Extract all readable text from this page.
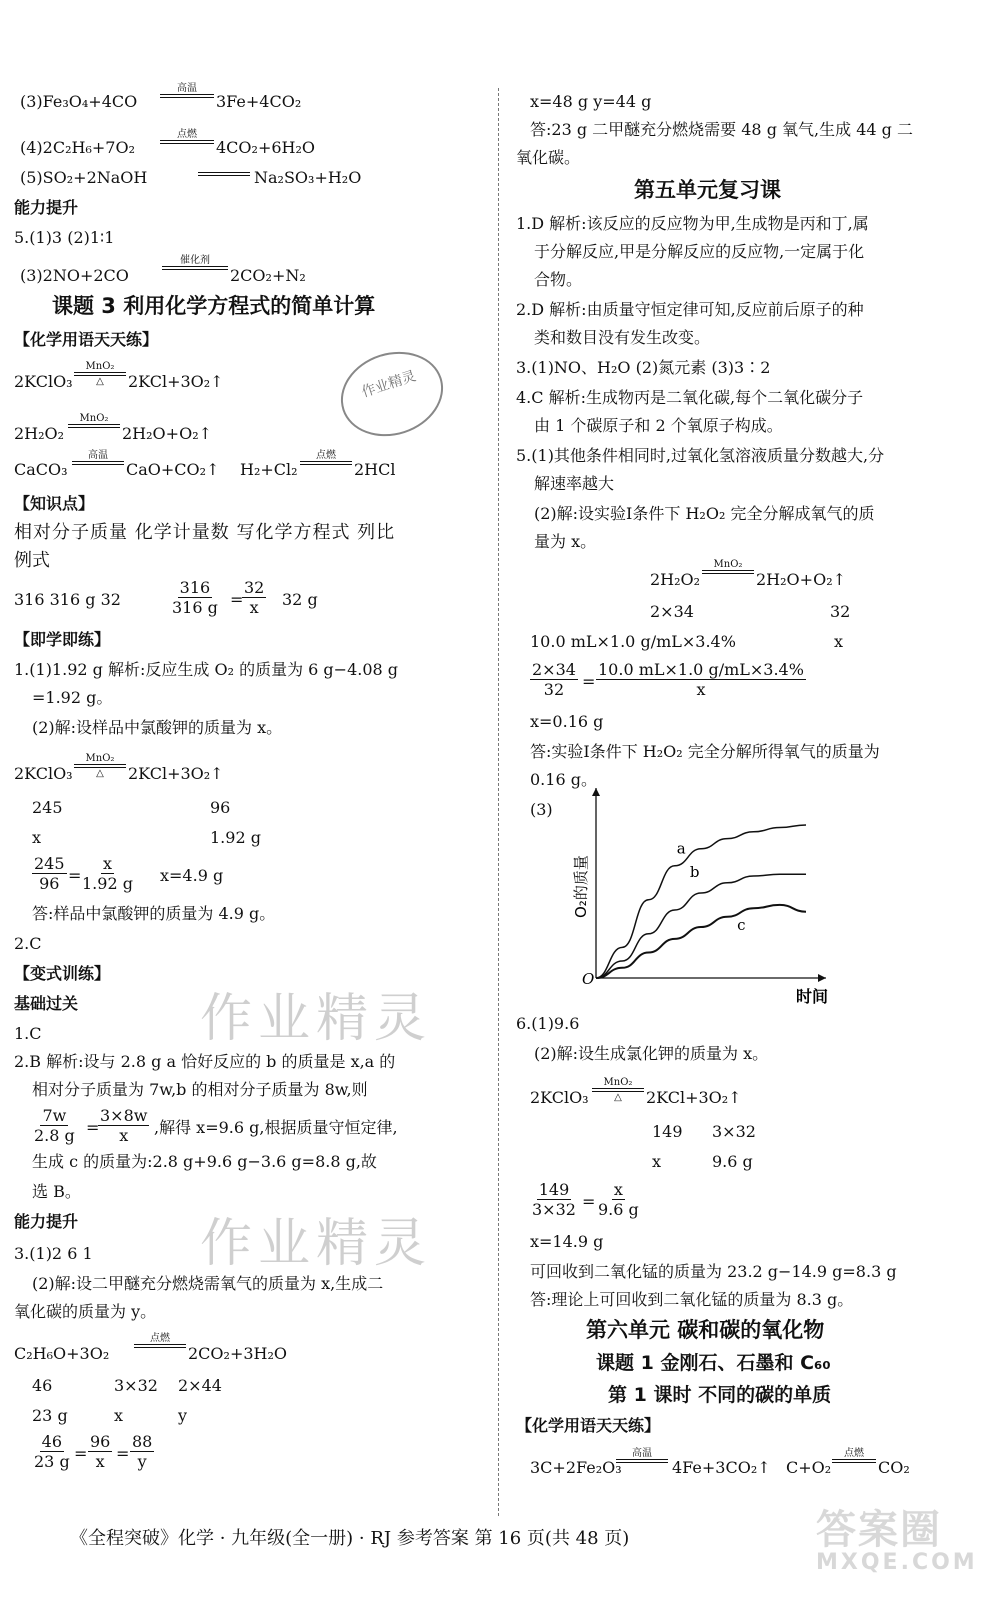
(3)Fe₃O₄+4CO
高温
3Fe+4CO₂
(4)2C₂H₆+7O₂
点燃
4CO₂+6H₂O
(5)SO₂+2NaOH	Na₂SO₃+H₂O
能力提升
5.(1)3 (2)1∶1
(3)2NO+2CO
催化剂
2CO₂+N₂
课题 3 利用化学方程式的简单计算
【化学用语天天练】
2KClO₃
MnO₂
△	2KCl+3O₂↑
2H₂O₂
MnO₂
2H₂O+O₂↑
作业精灵
CaCO₃
高温
CaO+CO₂↑ H₂+Cl₂
点燃
2HCl
【知识点】
相对分子质量 化学计量数 写化学方程式 列比
例式
316 316 g 32	$\frac{316}{316 g}$ =
$\frac{32}{x} 32$ g
【即学即练】
1.(1)1.92 g 解析:反应生成 O₂ 的质量为 6 g−4.08 g
=1.92 g。
(2)解:设样品中氯酸钾的质量为 x。
2KClO₃
MnO₂
△	2KCl+3O₂↑
245	96
x	1.92 g
$\frac{245}{96}$ =
$\frac{x}{1.92 g} x=4.9$ g
答:样品中氯酸钾的质量为 4.9 g。
2.C
【变式训练】
基础过关 作业精灵
1.C
2.B 解析:设与 2.8 g a 恰好反应的 b 的质量是 x,a 的
相对分子质量为 7w,b 的相对分子质量为 8w,则
$\frac{7w}{2.8 g}$ =
$\frac{3\times 8w}{x}$ ,解得 x=9.6 g,根据质量守恒定律,
生成 c 的质量为:2.8 g+9.6 g−3.6 g=8.8 g,故
选 B。
能力提升 作业精灵
3.(1)2 6 1
(2)解:设二甲醚充分燃烧需氧气的质量为 x,生成二
氧化碳的质量为 y。
C₂H₆O+3O₂
点燃
2CO₂+3H₂O
46	3×32 2×44
23 g	x	y
$\frac{46}{23 g} = \frac{96}{x} = \frac{88}{y}$
x=48 g y=44 g
答:23 g 二甲醚充分燃烧需要 48 g 氧气,生成 44 g 二
氧化碳。
第五单元复习课
1.D 解析:该反应的反应物为甲,生成物是丙和丁,属
于分解反应,甲是分解反应的反应物,一定属于化
合物。
2.D 解析:由质量守恒定律可知,反应前后原子的种
类和数目没有发生改变。
3.(1)NO、H₂O (2)氮元素 (3)3∶2
4.C 解析:生成物丙是二氧化碳,每个二氧化碳分子
由 1 个碳原子和 2 个氧原子构成。
5.(1)其他条件相同时,过氧化氢溶液质量分数越大,分
解速率越大
(2)解:设实验Ⅰ条件下 H₂O₂ 完全分解成氧气的质
量为 x。
2H₂O₂
MnO₂
2H₂O+O₂↑
2×34	32
10.0 mL×1.0 g/mL×3.4%	x
$\frac{2\times 34}{32} = \frac{10.0 mL\times 1.0 g/mL\times 3.4\%}{x}$
x=0.16 g
答:实验Ⅰ条件下 H₂O₂ 完全分解所得氧气的质量为
0.16 g。
(3)
O
时间
O₂的质量
a
b
c
6.(1)9.6
(2)解:设生成氯化钾的质量为 x。
2KClO₃
MnO₂
△	2KCl+3O₂↑
149 3×32
x	9.6 g
$\frac{149}{3\times 32} = \frac{x}{9.6 g}$
x=14.9 g
可回收到二氧化锰的质量为 23.2 g−14.9 g=8.3 g
答:理论上可回收到二氧化锰的质量为 8.3 g。
第六单元 碳和碳的氧化物
课题 1 金刚石、石墨和 C₆₀
第 1 课时 不同的碳的单质
【化学用语天天练】
3C+2Fe₂O₃
高温
4Fe+3CO₂↑ C+O₂
点燃
CO₂
《全程突破》化学 · 九年级(全一册) · RJ 参考答案 第 16 页(共 48 页)	答案圈
MXQE.COM
